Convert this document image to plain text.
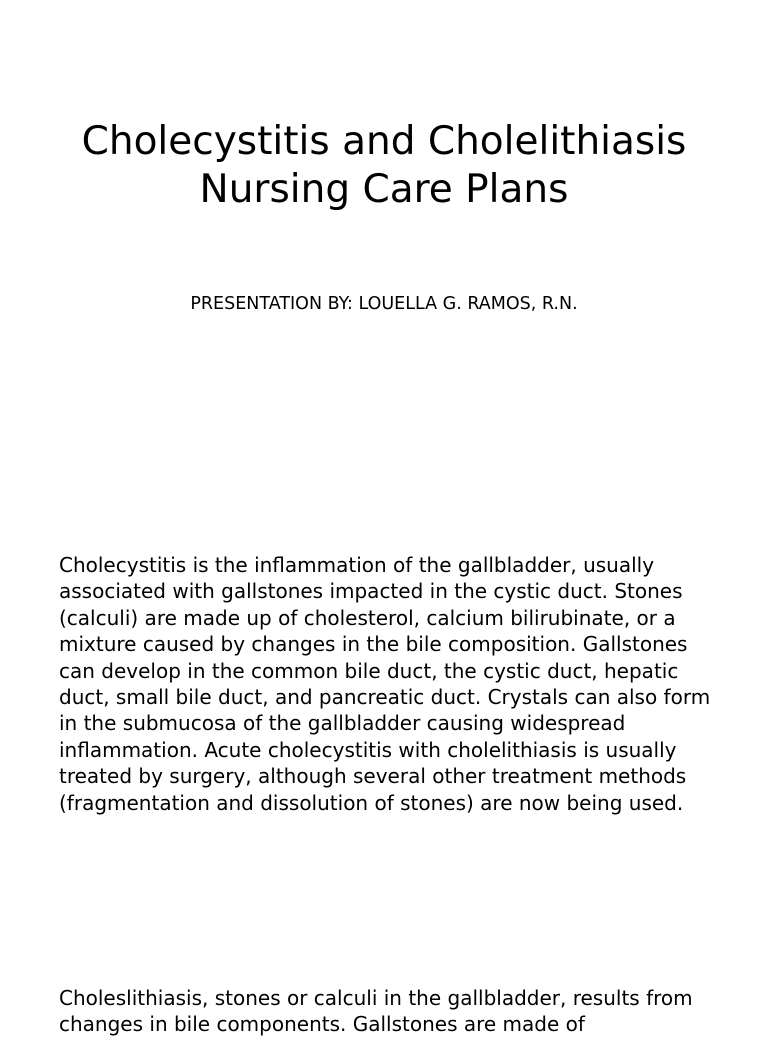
Cholecystitis and Cholelithiasis
Nursing Care Plans
PRESENTATION BY: LOUELLA G. RAMOS, R.N.

Cholecystitis is the inflammation of the gallbladder, usually associated with gallstones impacted in the cystic duct. Stones (calculi) are made up of cholesterol, calcium bilirubinate, or a mixture caused by changes in the bile composition. Gallstones can develop in the common bile duct, the cystic duct, hepatic duct, small bile duct, and pancreatic duct. Crystals can also form in the submucosa of the gallbladder causing widespread inflammation. Acute cholecystitis with cholelithiasis is usually treated by surgery, although several other treatment methods (fragmentation and dissolution of stones) are now being used.

Choleslithiasis, stones or calculi in the gallbladder, results from changes in bile components. Gallstones are made of
